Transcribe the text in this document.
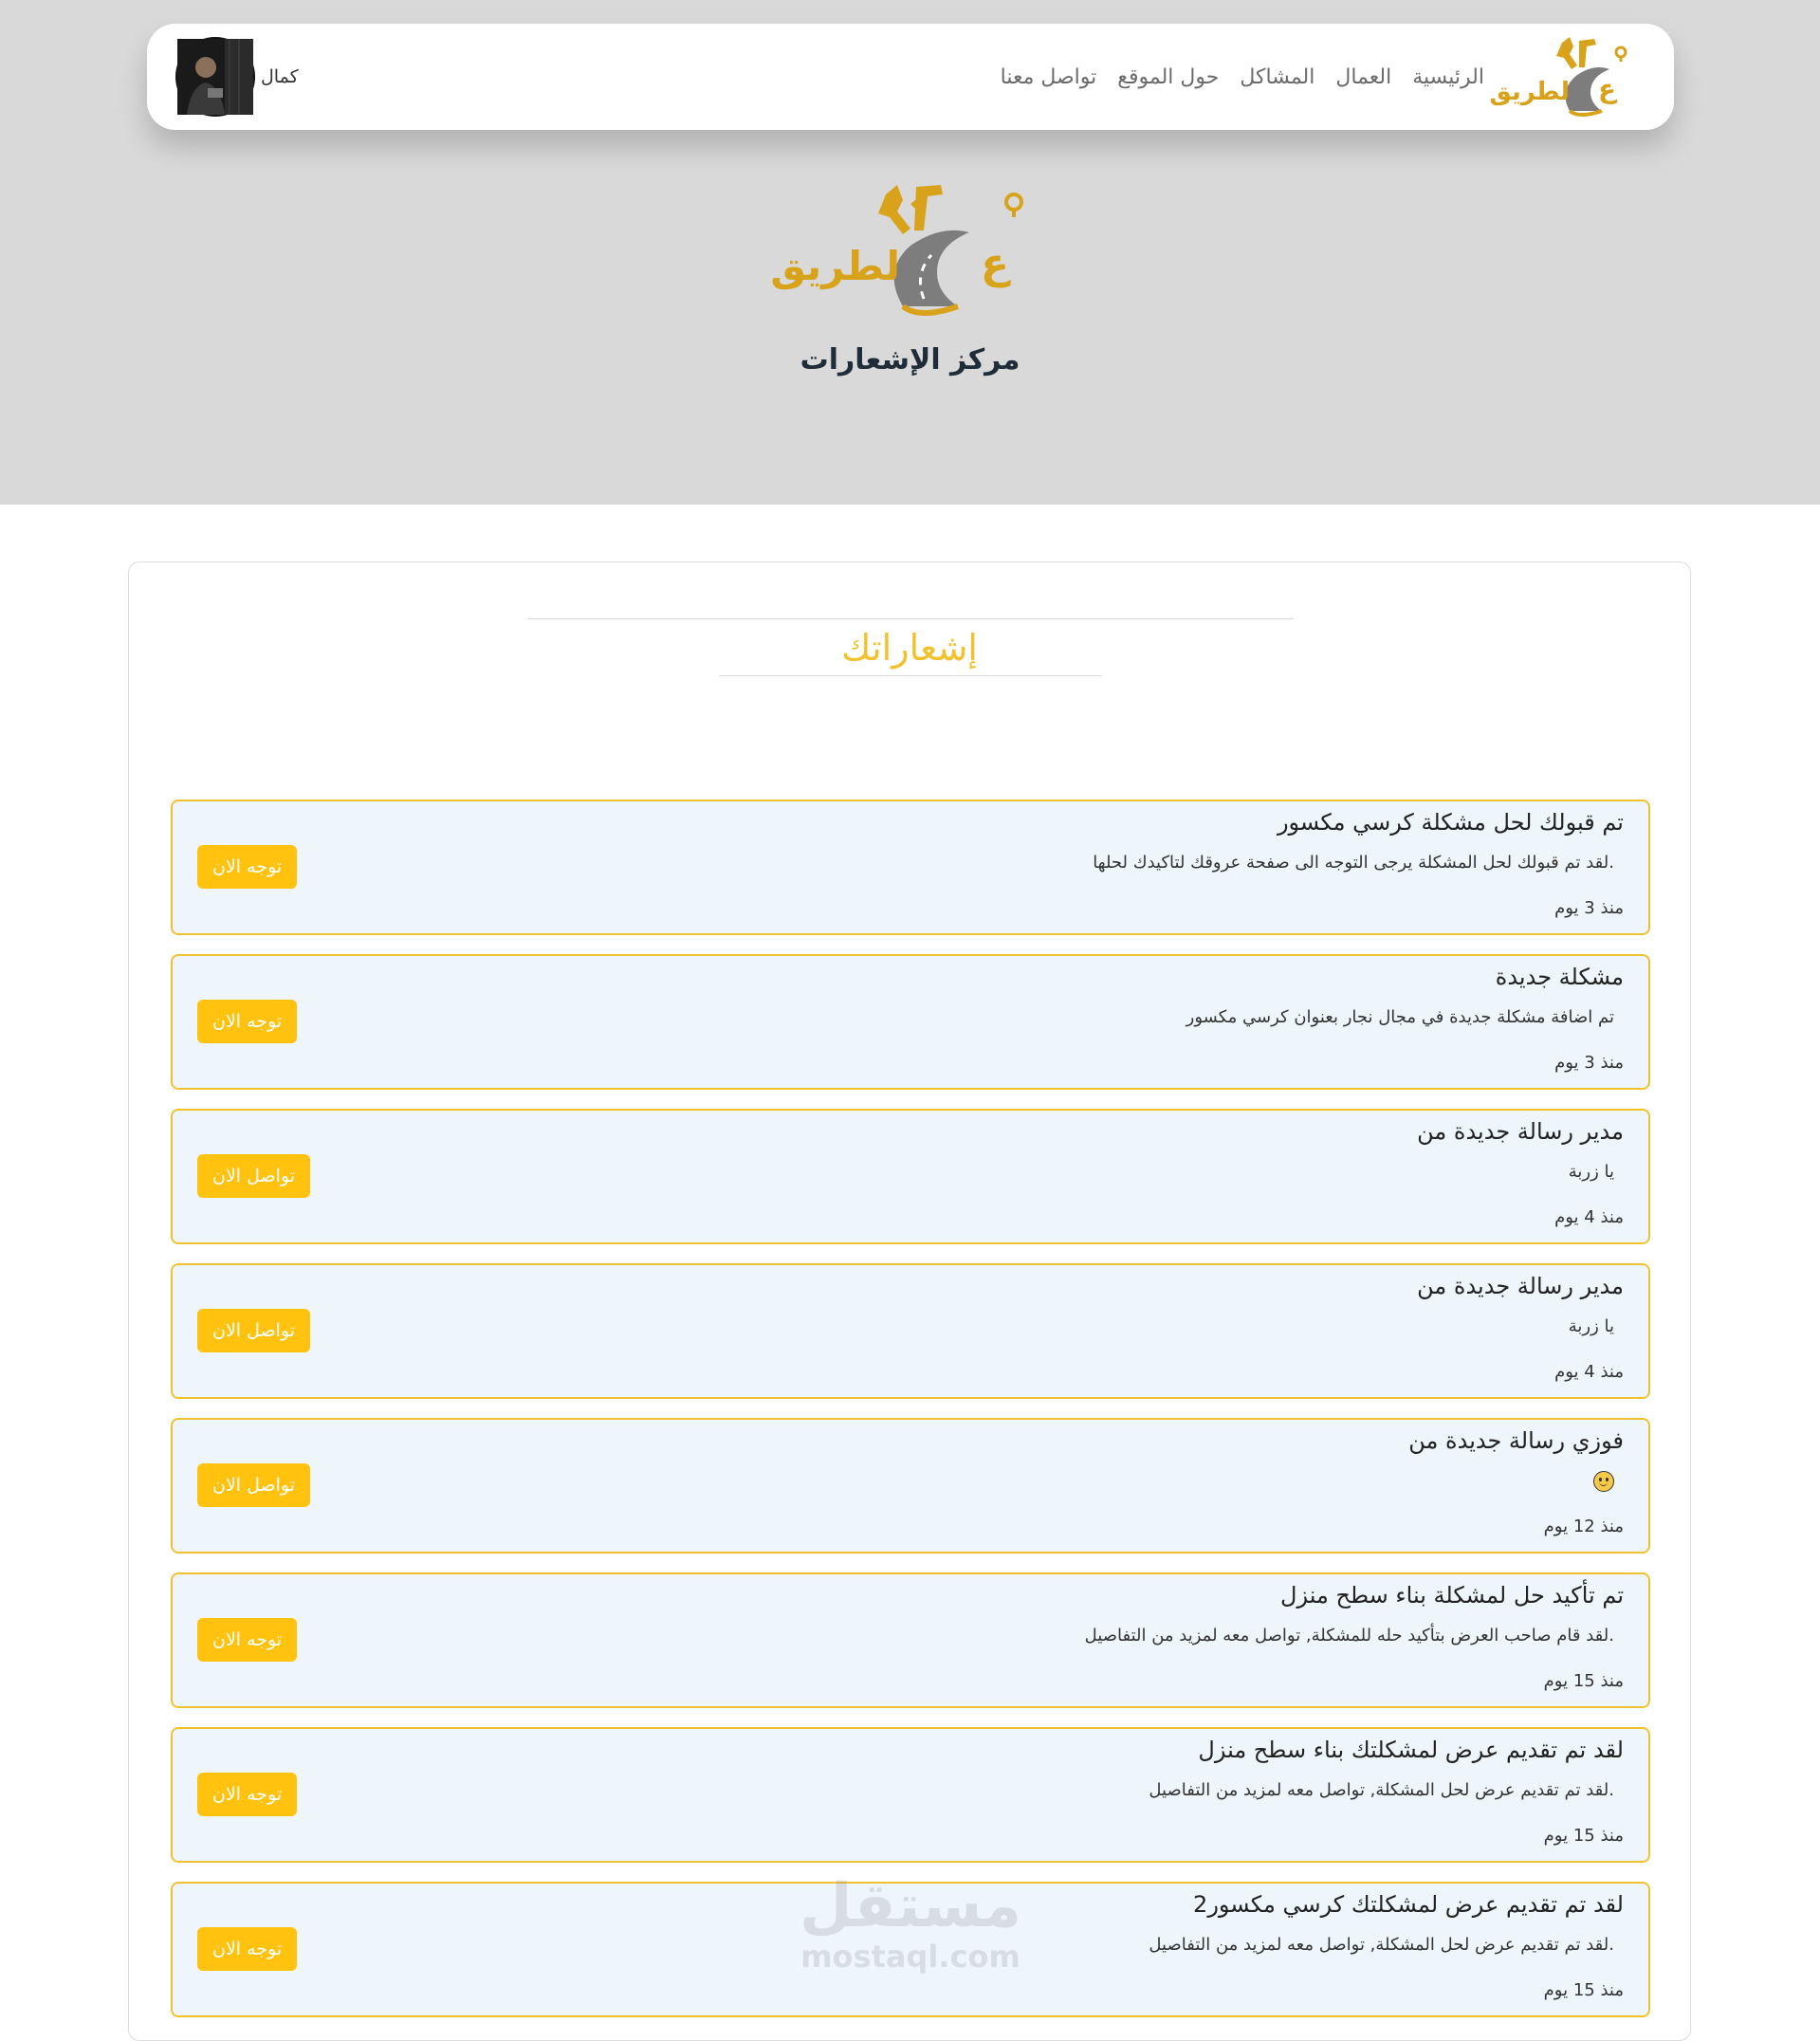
ع
لطريق
الرئيسية
العمال
المشاكل
حول الموقع
تواصل معنا
كمال
ع
لطريق
مركز الإشعارات
إشعاراتك
تم قبولك لحل مشكلة كرسي مكسور
لقد تم قبولك لحل المشكلة يرجى التوجه الى صفحة عروقك لتاكيدك لحلها.
منذ 3 يوم
توجه الان
مشكلة جديدة
تم اضافة مشكلة جديدة في مجال نجار بعنوان كرسي مكسور
منذ 3 يوم
توجه الان
مدير رسالة جديدة من
يا زربة
منذ 4 يوم
تواصل الان
مدير رسالة جديدة من
يا زربة
منذ 4 يوم
تواصل الان
فوزي رسالة جديدة من
منذ 12 يوم
تواصل الان
تم تأكيد حل لمشكلة بناء سطح منزل
لقد قام صاحب العرض بتأكيد حله للمشكلة, تواصل معه لمزيد من التفاصيل.
منذ 15 يوم
توجه الان
لقد تم تقديم عرض لمشكلتك بناء سطح منزل
لقد تم تقديم عرض لحل المشكلة, تواصل معه لمزيد من التفاصيل.
منذ 15 يوم
توجه الان
لقد تم تقديم عرض لمشكلتك كرسي مكسور2
لقد تم تقديم عرض لحل المشكلة, تواصل معه لمزيد من التفاصيل.
منذ 15 يوم
توجه الان
مستقل
mostaql.com
